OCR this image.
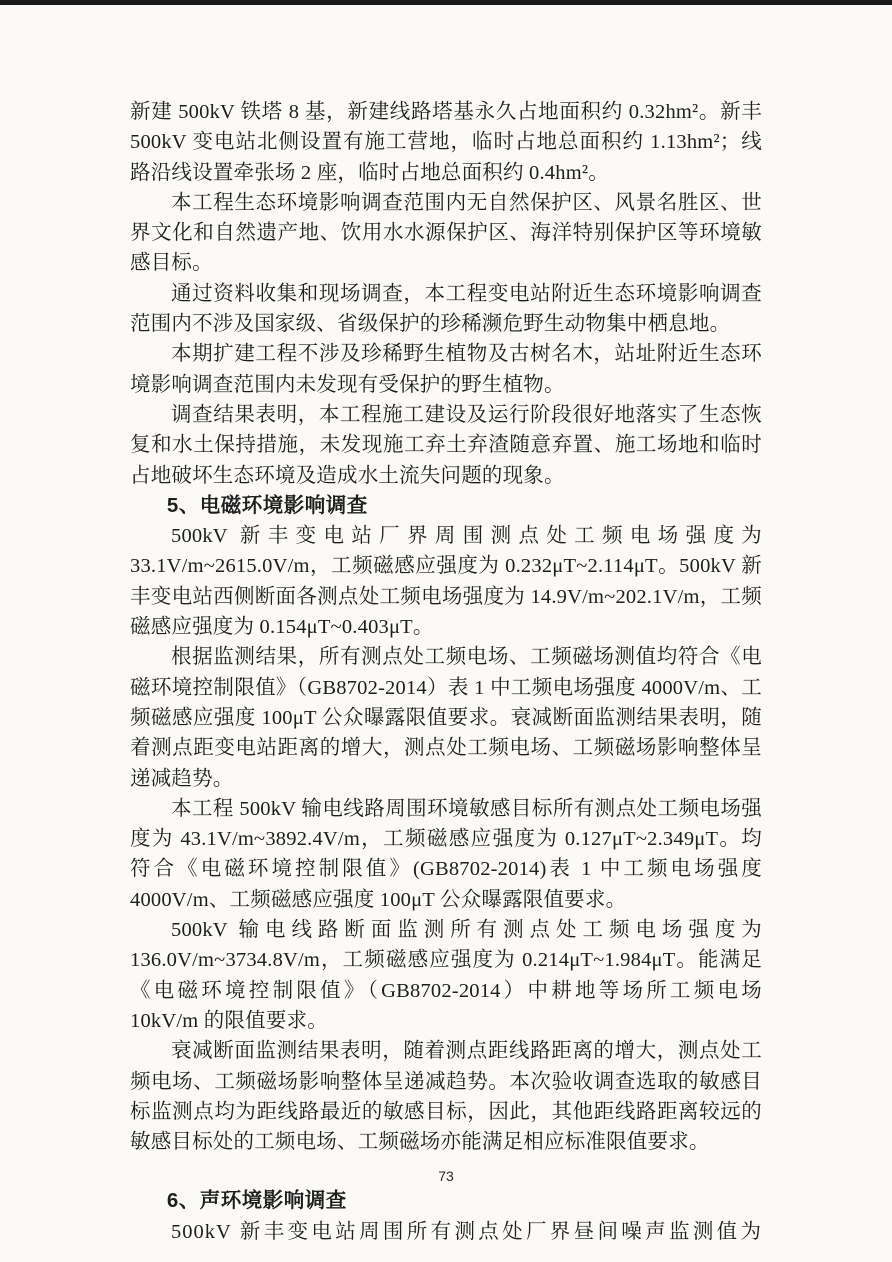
新建 500kV 铁塔 8 基，新建线路塔基永久占地面积约 0.32hm²。新丰 500kV 变电站北侧设置有施工营地，临时占地总面积约 1.13hm²；线路沿线设置牵张场 2 座，临时占地总面积约 0.4hm²。

本工程生态环境影响调查范围内无自然保护区、风景名胜区、世界文化和自然遗产地、饮用水水源保护区、海洋特别保护区等环境敏感目标。

通过资料收集和现场调查，本工程变电站附近生态环境影响调查范围内不涉及国家级、省级保护的珍稀濒危野生动物集中栖息地。

本期扩建工程不涉及珍稀野生植物及古树名木，站址附近生态环境影响调查范围内未发现有受保护的野生植物。

调查结果表明，本工程施工建设及运行阶段很好地落实了生态恢复和水土保持措施，未发现施工弃土弃渣随意弃置、施工场地和临时占地破坏生态环境及造成水土流失问题的现象。

5、电磁环境影响调查

500kV 新丰变电站厂界周围测点处工频电场强度为 33.1V/m~2615.0V/m，工频磁感应强度为 0.232μT~2.114μT。500kV 新丰变电站西侧断面各测点处工频电场强度为 14.9V/m~202.1V/m，工频磁感应强度为 0.154μT~0.403μT。

根据监测结果，所有测点处工频电场、工频磁场测值均符合《电磁环境控制限值》（GB8702-2014）表 1 中工频电场强度 4000V/m、工频磁感应强度 100μT 公众曝露限值要求。衰减断面监测结果表明，随着测点距变电站距离的增大，测点处工频电场、工频磁场影响整体呈递减趋势。

本工程 500kV 输电线路周围环境敏感目标所有测点处工频电场强度为 43.1V/m~3892.4V/m，工频磁感应强度为 0.127μT~2.349μT。均符合《电磁环境控制限值》(GB8702-2014)表 1 中工频电场强度 4000V/m、工频磁感应强度 100μT 公众曝露限值要求。

500kV 输电线路断面监测所有测点处工频电场强度为 136.0V/m~3734.8V/m，工频磁感应强度为 0.214μT~1.984μT。能满足《电磁环境控制限值》（GB8702-2014）中耕地等场所工频电场 10kV/m 的限值要求。

衰减断面监测结果表明，随着测点距线路距离的增大，测点处工频电场、工频磁场影响整体呈递减趋势。本次验收调查选取的敏感目标监测点均为距线路最近的敏感目标，因此，其他距线路距离较远的敏感目标处的工频电场、工频磁场亦能满足相应标准限值要求。

6、声环境影响调查

500kV 新丰变电站周围所有测点处厂界昼间噪声监测值为

73
